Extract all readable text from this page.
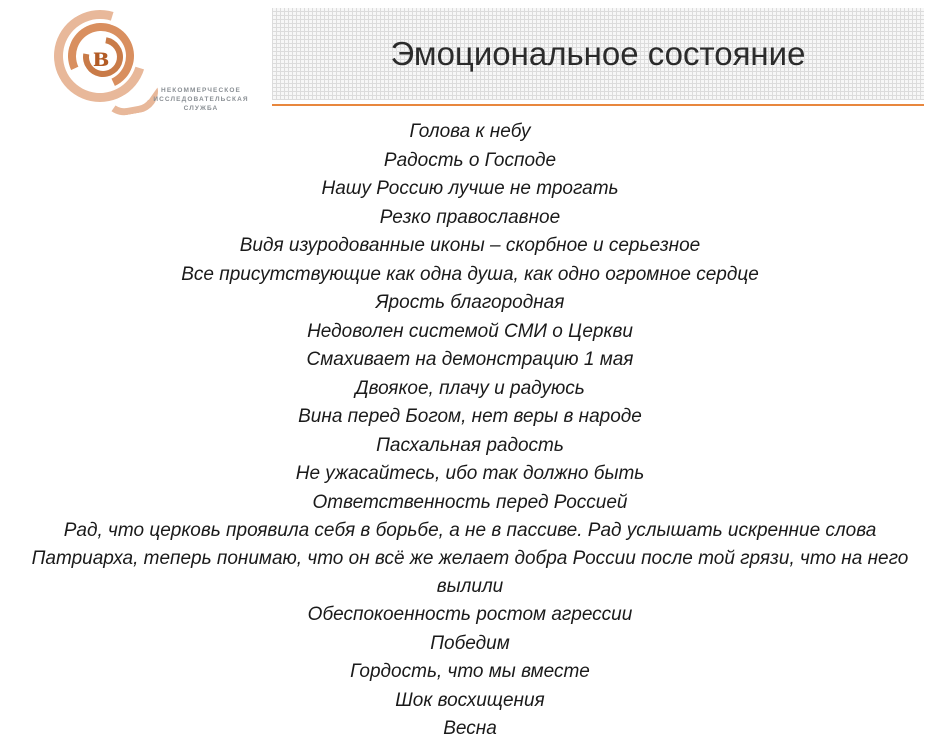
в
НЕКОММЕРЧЕСКОЕ ИССЛЕДОВАТЕЛЬСКАЯ СЛУЖБА
Эмоциональное состояние
Голова к небу
Радость о Господе
Нашу Россию лучше не трогать
Резко православное
Видя изуродованные иконы – скорбное и серьезное
Все присутствующие как одна душа, как одно огромное сердце
Ярость благородная
Недоволен системой СМИ о Церкви
Смахивает на демонстрацию 1 мая
Двоякое, плачу и радуюсь
Вина перед Богом, нет веры в народе
Пасхальная радость
Не ужасайтесь, ибо так должно быть
Ответственность перед Россией
Рад, что церковь проявила себя в борьбе, а не в пассиве. Рад услышать искренние слова Патриарха, теперь понимаю, что он всё же желает добра России после той грязи, что на него вылили
Обеспокоенность ростом агрессии
Победим
Гордость, что мы вместе
Шок восхищения
Весна
